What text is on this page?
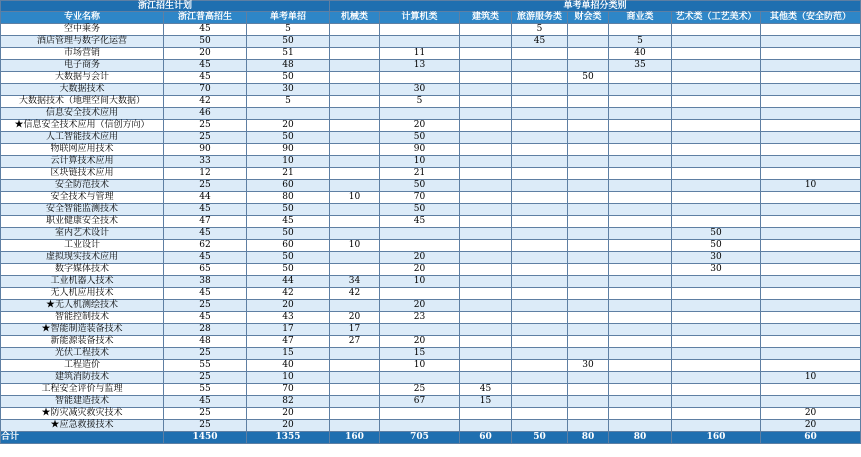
浙江招生计划			单考单招分类别							
专业名称	浙江普高招生	单考单招	机械类	计算机类	建筑类	旅游服务类	财会类	商业类	艺术类（工艺美术）	其他类（安全防范）
空中乘务	45	5				5				
酒店管理与数字化运营	50	50				45		5		
市场营销	20	51		11				40		
电子商务	45	48		13				35		
大数据与会计	45	50					50			
大数据技术	70	30		30						
大数据技术（地理空间大数据）	42	5		5						
信息安全技术应用	46									
★信息安全技术应用（信创方向）	25	20		20						
人工智能技术应用	25	50		50						
物联网应用技术	90	90		90						
云计算技术应用	33	10		10						
区块链技术应用	12	21		21						
安全防范技术	25	60		50						10
安全技术与管理	44	80	10	70						
安全智能监测技术	45	50		50						
职业健康安全技术	47	45		45						
室内艺术设计	45	50							50	
工业设计	62	60	10						50	
虚拟现实技术应用	45	50		20					30	
数字媒体技术	65	50		20					30	
工业机器人技术	38	44	34	10						
无人机应用技术	45	42	42							
★无人机测绘技术	25	20		20						
智能控制技术	45	43	20	23						
★智能制造装备技术	28	17	17							
新能源装备技术	48	47	27	20						
光伏工程技术	25	15		15						
工程造价	55	40		10			30			
建筑消防技术	25	10								10
工程安全评价与监理	55	70		25	45					
智能建造技术	45	82		67	15					
★防灾减灾救灾技术	25	20								20
★应急救援技术	25	20								20
合计	1450	1355	160	705	60	50	80	80	160	60
